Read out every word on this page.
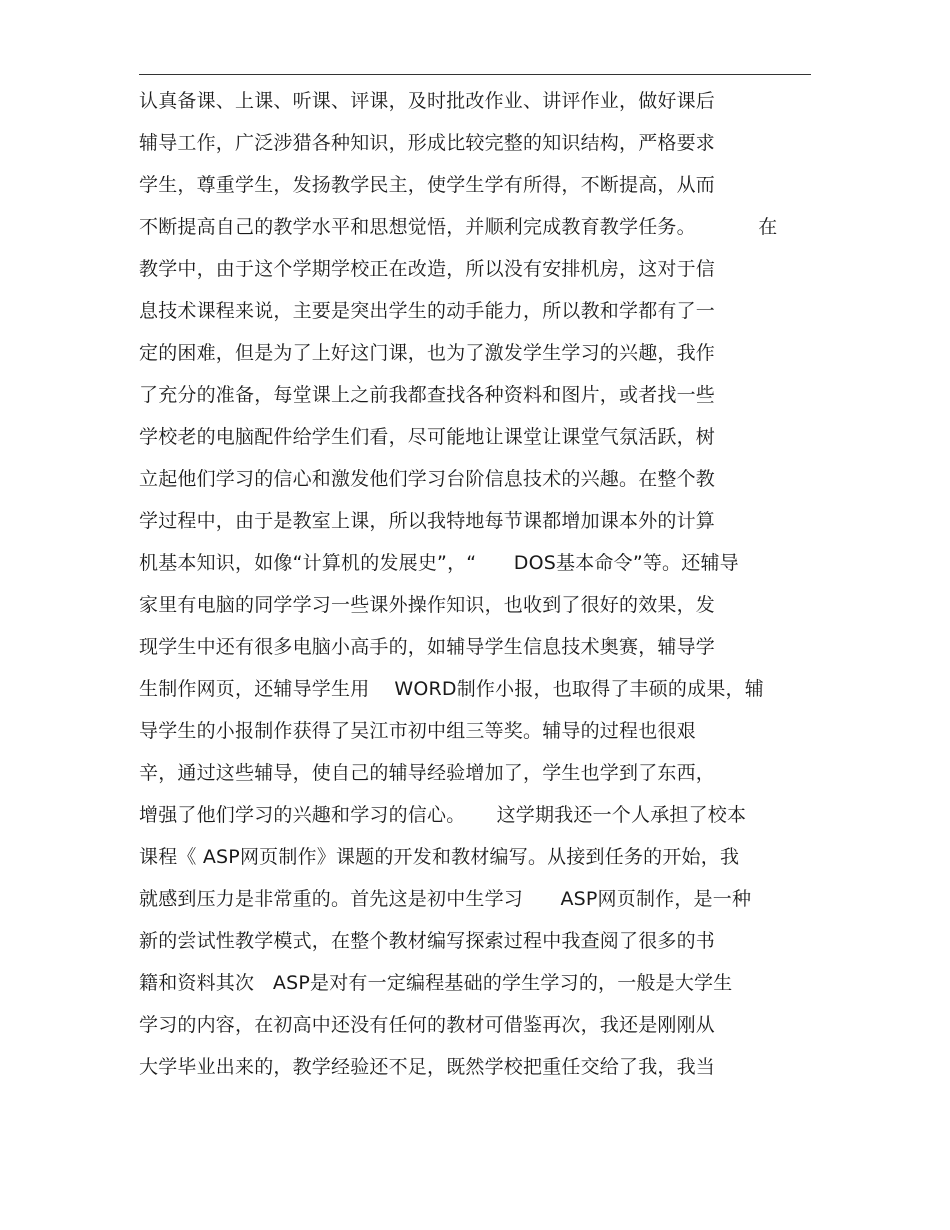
认真备课、上课、听课、评课，及时批改作业、讲评作业，做好课后
辅导工作，广泛涉猎各种知识，形成比较完整的知识结构，严格要求
学生，尊重学生，发扬教学民主，使学生学有所得，不断提高，从而
不断提高自己的教学水平和思想觉悟，并顺利完成教育教学任务。          在
教学中，由于这个学期学校正在改造，所以没有安排机房，这对于信
息技术课程来说，主要是突出学生的动手能力，所以教和学都有了一
定的困难，但是为了上好这门课，也为了激发学生学习的兴趣，我作
了充分的准备，每堂课上之前我都查找各种资料和图片，或者找一些
学校老的电脑配件给学生们看，尽可能地让课堂让课堂气氛活跃，树
立起他们学习的信心和激发他们学习台阶信息技术的兴趣。在整个教
学过程中，由于是教室上课，所以我特地每节课都增加课本外的计算
机基本知识，如像“计算机的发展史”，“      DOS基本命令”等。还辅导
家里有电脑的同学学习一些课外操作知识，也收到了很好的效果，发
现学生中还有很多电脑小高手的，如辅导学生信息技术奥赛，辅导学
生制作网页，还辅导学生用    WORD制作小报，也取得了丰硕的成果，辅
导学生的小报制作获得了吴江市初中组三等奖。辅导的过程也很艰
辛，通过这些辅导，使自己的辅导经验增加了，学生也学到了东西，
增强了他们学习的兴趣和学习的信心。     这学期我还一个人承担了校本
课程《 ASP网页制作》课题的开发和教材编写。从接到任务的开始，我
就感到压力是非常重的。首先这是初中生学习      ASP网页制作，是一种
新的尝试性教学模式，在整个教材编写探索过程中我查阅了很多的书
籍和资料其次   ASP是对有一定编程基础的学生学习的，一般是大学生
学习的内容，在初高中还没有任何的教材可借鉴再次，我还是刚刚从
大学毕业出来的，教学经验还不足，既然学校把重任交给了我，我当
